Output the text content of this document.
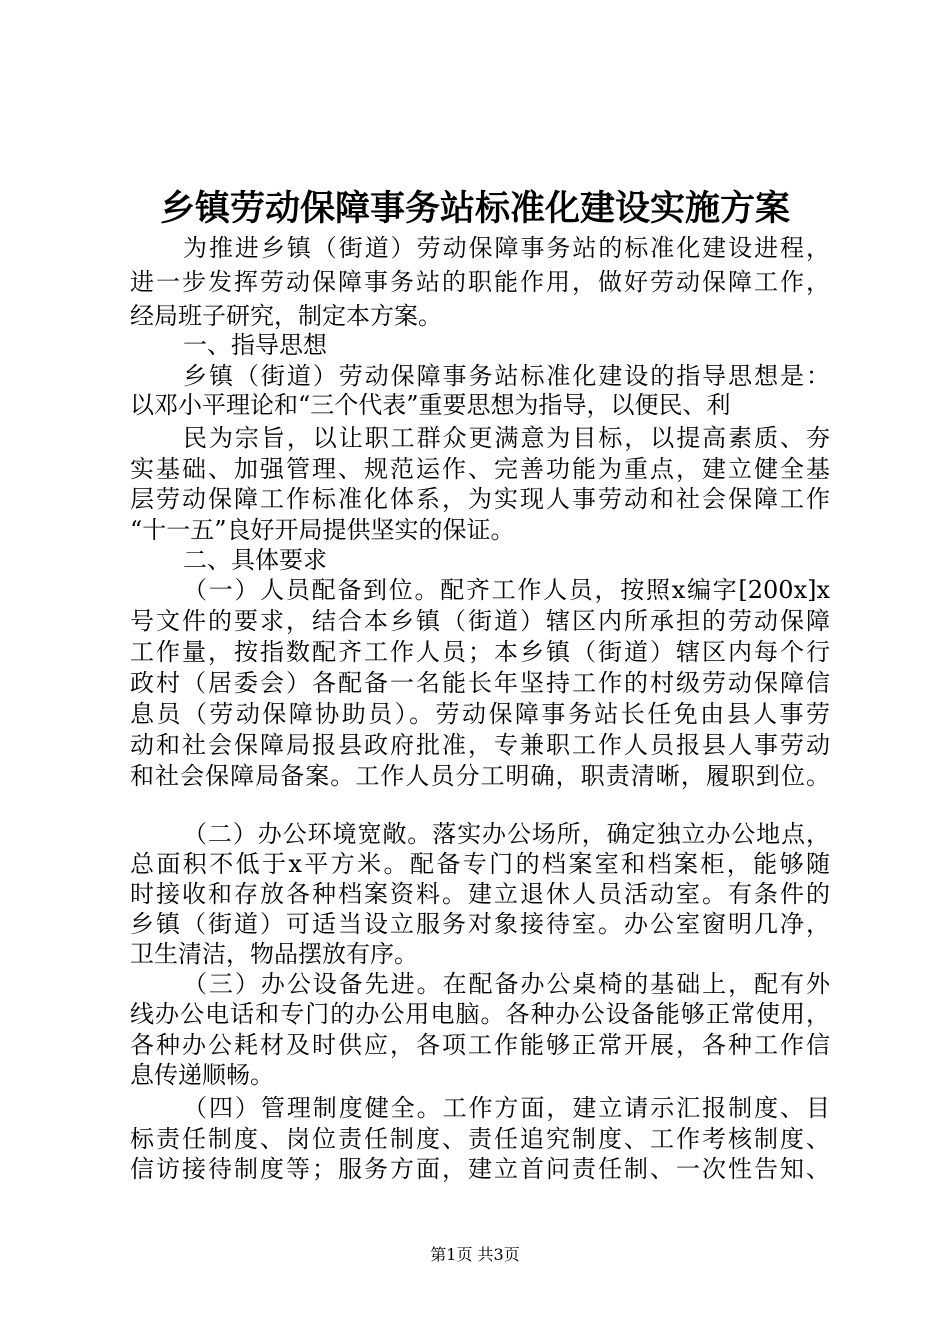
乡镇劳动保障事务站标准化建设实施方案
为推进乡镇（街道）劳动保障事务站的标准化建设进程，
进一步发挥劳动保障事务站的职能作用，做好劳动保障工作，
经局班子研究，制定本方案。
一、指导思想
乡镇（街道）劳动保障事务站标准化建设的指导思想是：
以邓小平理论和“三个代表”重要思想为指导，以便民、利
民为宗旨，以让职工群众更满意为目标，以提高素质、夯
实基础、加强管理、规范运作、完善功能为重点，建立健全基
层劳动保障工作标准化体系，为实现人事劳动和社会保障工作
“十一五”良好开局提供坚实的保证。
二、具体要求
（一）人员配备到位。配齐工作人员，按照x编字[200x]x
号文件的要求，结合本乡镇（街道）辖区内所承担的劳动保障
工作量，按指数配齐工作人员；本乡镇（街道）辖区内每个行
政村（居委会）各配备一名能长年坚持工作的村级劳动保障信
息员（劳动保障协助员）。劳动保障事务站长任免由县人事劳
动和社会保障局报县政府批准，专兼职工作人员报县人事劳动
和社会保障局备案。工作人员分工明确，职责清晰，履职到位。
（二）办公环境宽敞。落实办公场所，确定独立办公地点，
总面积不低于x平方米。配备专门的档案室和档案柜，能够随
时接收和存放各种档案资料。建立退休人员活动室。有条件的
乡镇（街道）可适当设立服务对象接待室。办公室窗明几净，
卫生清洁，物品摆放有序。
（三）办公设备先进。在配备办公桌椅的基础上，配有外
线办公电话和专门的办公用电脑。各种办公设备能够正常使用，
各种办公耗材及时供应，各项工作能够正常开展，各种工作信
息传递顺畅。
（四）管理制度健全。工作方面，建立请示汇报制度、目
标责任制度、岗位责任制度、责任追究制度、工作考核制度、
信访接待制度等；服务方面，建立首问责任制、一次性告知、
第1页 共3页
